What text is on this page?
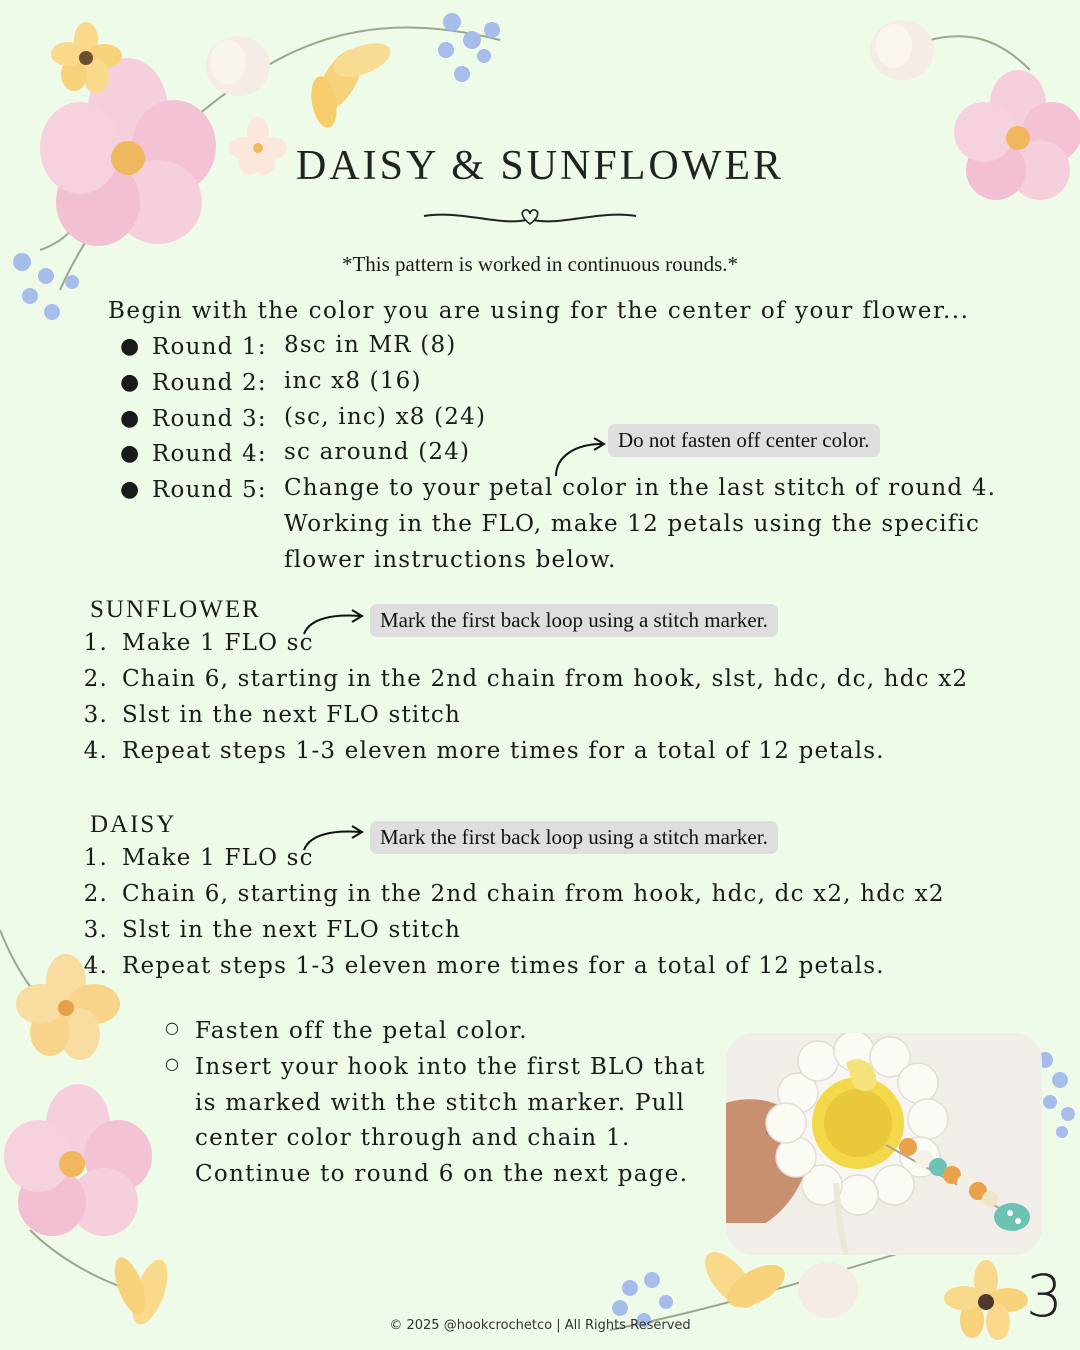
DAISY & SUNFLOWER
*This pattern is worked in continuous rounds.*
Begin with the color you are using for the center of your flower...
● Round 1: 8sc in MR (8)
● Round 2: inc x8 (16)
● Round 3: (sc, inc) x8 (24)
● Round 4: sc around (24)
● Round 5: Change to your petal color in the last stitch of round 4. Working in the FLO, make 12 petals using the specific flower instructions below.
Do not fasten off center color.
SUNFLOWER	Mark the first back loop using a stitch marker.
1. Make 1 FLO sc
2. Chain 6, starting in the 2nd chain from hook, slst, hdc, dc, hdc x2
3. Slst in the next FLO stitch
4. Repeat steps 1-3 eleven more times for a total of 12 petals.
DAISY	Mark the first back loop using a stitch marker.
1. Make 1 FLO sc
2. Chain 6, starting in the 2nd chain from hook, hdc, dc x2, hdc x2
3. Slst in the next FLO stitch
4. Repeat steps 1-3 eleven more times for a total of 12 petals.
○ Fasten off the petal color.
○ Insert your hook into the first BLO that is marked with the stitch marker. Pull center color through and chain 1. Continue to round 6 on the next page.
© 2025 @hookcrochetco | All Rights Reserved	3
